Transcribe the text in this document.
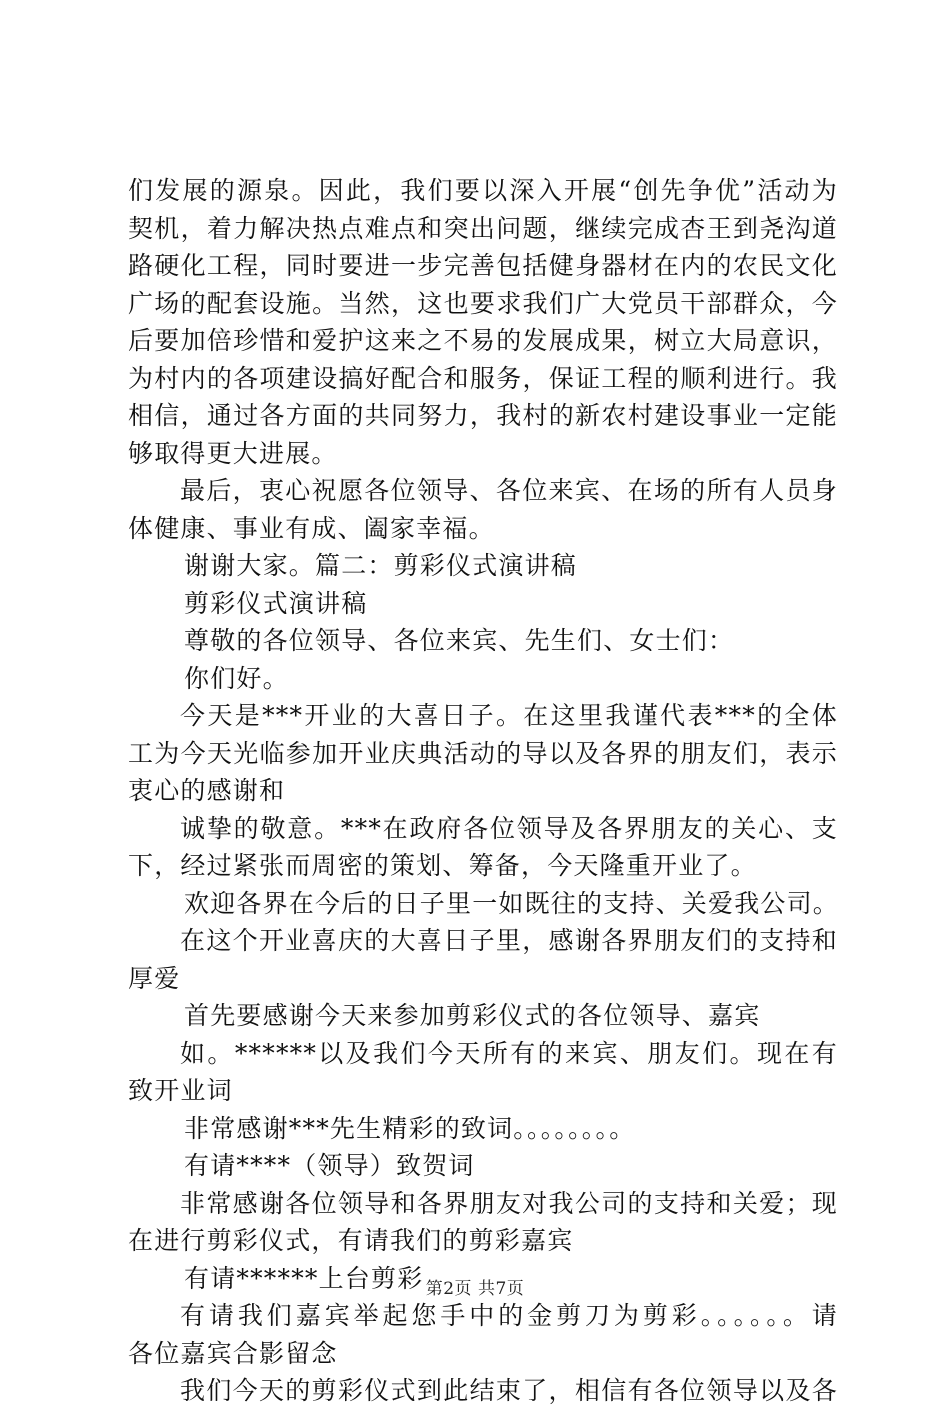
们发展的源泉。因此，我们要以深入开展“创先争优”活动为
契机，着力解决热点难点和突出问题，继续完成杏王到尧沟道
路硬化工程，同时要进一步完善包括健身器材在内的农民文化
广场的配套设施。当然，这也要求我们广大党员干部群众，今
后要加倍珍惜和爱护这来之不易的发展成果，树立大局意识，
为村内的各项建设搞好配合和服务，保证工程的顺利进行。我
相信，通过各方面的共同努力，我村的新农村建设事业一定能
够取得更大进展。
最后，衷心祝愿各位领导、各位来宾、在场的所有人员身
体健康、事业有成、阖家幸福。
谢谢大家。篇二：剪彩仪式演讲稿
剪彩仪式演讲稿
尊敬的各位领导、各位来宾、先生们、女士们：
你们好。
今天是***开业的大喜日子。在这里我谨代表***的全体
工为今天光临参加开业庆典活动的导以及各界的朋友们，表示
衷心的感谢和
诚挚的敬意。***在政府各位领导及各界朋友的关心、支
下，经过紧张而周密的策划、筹备，今天隆重开业了。
欢迎各界在今后的日子里一如既往的支持、关爱我公司。
在这个开业喜庆的大喜日子里，感谢各界朋友们的支持和
厚爱
首先要感谢今天来参加剪彩仪式的各位领导、嘉宾
如。******以及我们今天所有的来宾、朋友们。现在有
致开业词
非常感谢***先生精彩的致词。。。。。。。。
有请****（领导）致贺词
非常感谢各位领导和各界朋友对我公司的支持和关爱；现
在进行剪彩仪式，有请我们的剪彩嘉宾
有请******上台剪彩
有请我们嘉宾举起您手中的金剪刀为剪彩。。。。。。请
各位嘉宾合影留念
我们今天的剪彩仪式到此结束了，相信有各位领导以及各
第2页 共7页
